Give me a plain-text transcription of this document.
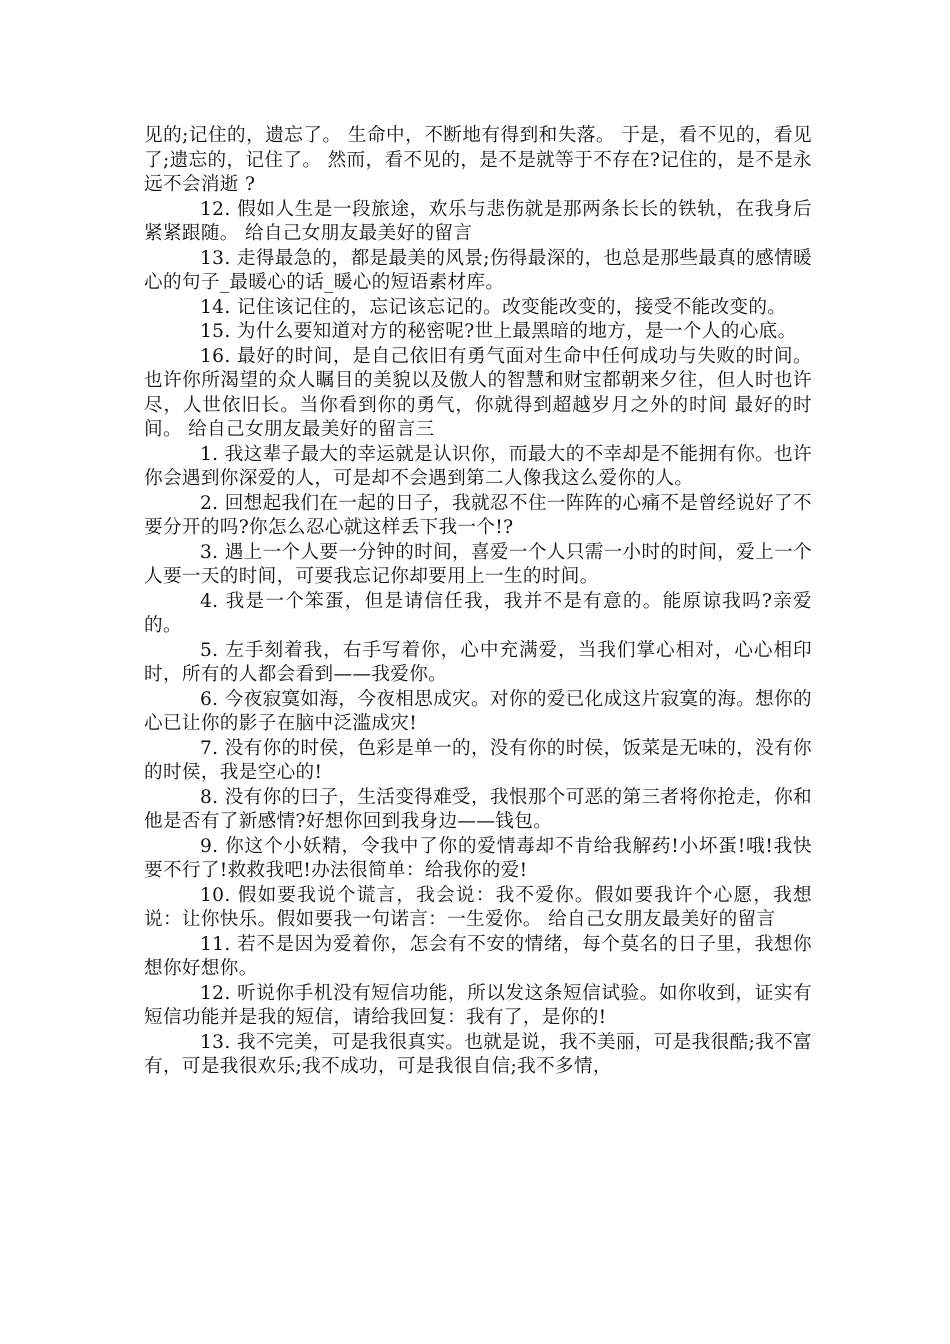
见的;记住的，遗忘了。 生命中，不断地有得到和失落。 于是，看不见的，看见了;遗忘的，记住了。 然而，看不见的，是不是就等于不存在?记住的，是不是永远不会消逝 ?

12. 假如人生是一段旅途，欢乐与悲伤就是那两条长长的铁轨，在我身后紧紧跟随。 给自己女朋友最美好的留言

13. 走得最急的，都是最美的风景;伤得最深的，也总是那些最真的感情暖心的句子_最暖心的话_暖心的短语素材库。

14. 记住该记住的，忘记该忘记的。改变能改变的，接受不能改变的。

15. 为什么要知道对方的秘密呢?世上最黑暗的地方，是一个人的心底。

16. 最好的时间，是自己依旧有勇气面对生命中任何成功与失败的时间。也许你所渴望的众人瞩目的美貌以及傲人的智慧和财宝都朝来夕往，但人时也许尽，人世依旧长。当你看到你的勇气，你就得到超越岁月之外的时间 最好的时间。 给自己女朋友最美好的留言三

1. 我这辈子最大的幸运就是认识你，而最大的不幸却是不能拥有你。也许你会遇到你深爱的人，可是却不会遇到第二人像我这么爱你的人。

2. 回想起我们在一起的日子，我就忍不住一阵阵的心痛不是曾经说好了不要分开的吗?你怎么忍心就这样丢下我一个!?

3. 遇上一个人要一分钟的时间，喜爱一个人只需一小时的时间，爱上一个人要一天的时间，可要我忘记你却要用上一生的时间。

4. 我是一个笨蛋，但是请信任我，我并不是有意的。能原谅我吗?亲爱的。

5. 左手刻着我，右手写着你，心中充满爱，当我们掌心相对，心心相印时，所有的人都会看到——我爱你。

6. 今夜寂寞如海，今夜相思成灾。对你的爱已化成这片寂寞的海。想你的心已让你的影子在脑中泛滥成灾!

7. 没有你的时侯，色彩是单一的，没有你的时侯，饭菜是无味的，没有你的时侯，我是空心的!

8. 没有你的曰子，生活变得难受，我恨那个可恶的第三者将你抢走，你和他是否有了新感情?好想你回到我身边——钱包。

9. 你这个小妖精，令我中了你的爱情毒却不肯给我解药!小坏蛋!哦!我快要不行了!救救我吧!办法很简单：给我你的爱!

10. 假如要我说个谎言，我会说：我不爱你。假如要我许个心愿，我想说：让你快乐。假如要我一句诺言：一生爱你。 给自己女朋友最美好的留言

11. 若不是因为爱着你，怎会有不安的情绪，每个莫名的日子里，我想你想你好想你。

12. 听说你手机没有短信功能，所以发这条短信试验。如你收到，证实有短信功能并是我的短信，请给我回复：我有了，是你的!

13. 我不完美，可是我很真实。也就是说，我不美丽，可是我很酷;我不富有，可是我很欢乐;我不成功，可是我很自信;我不多情，
